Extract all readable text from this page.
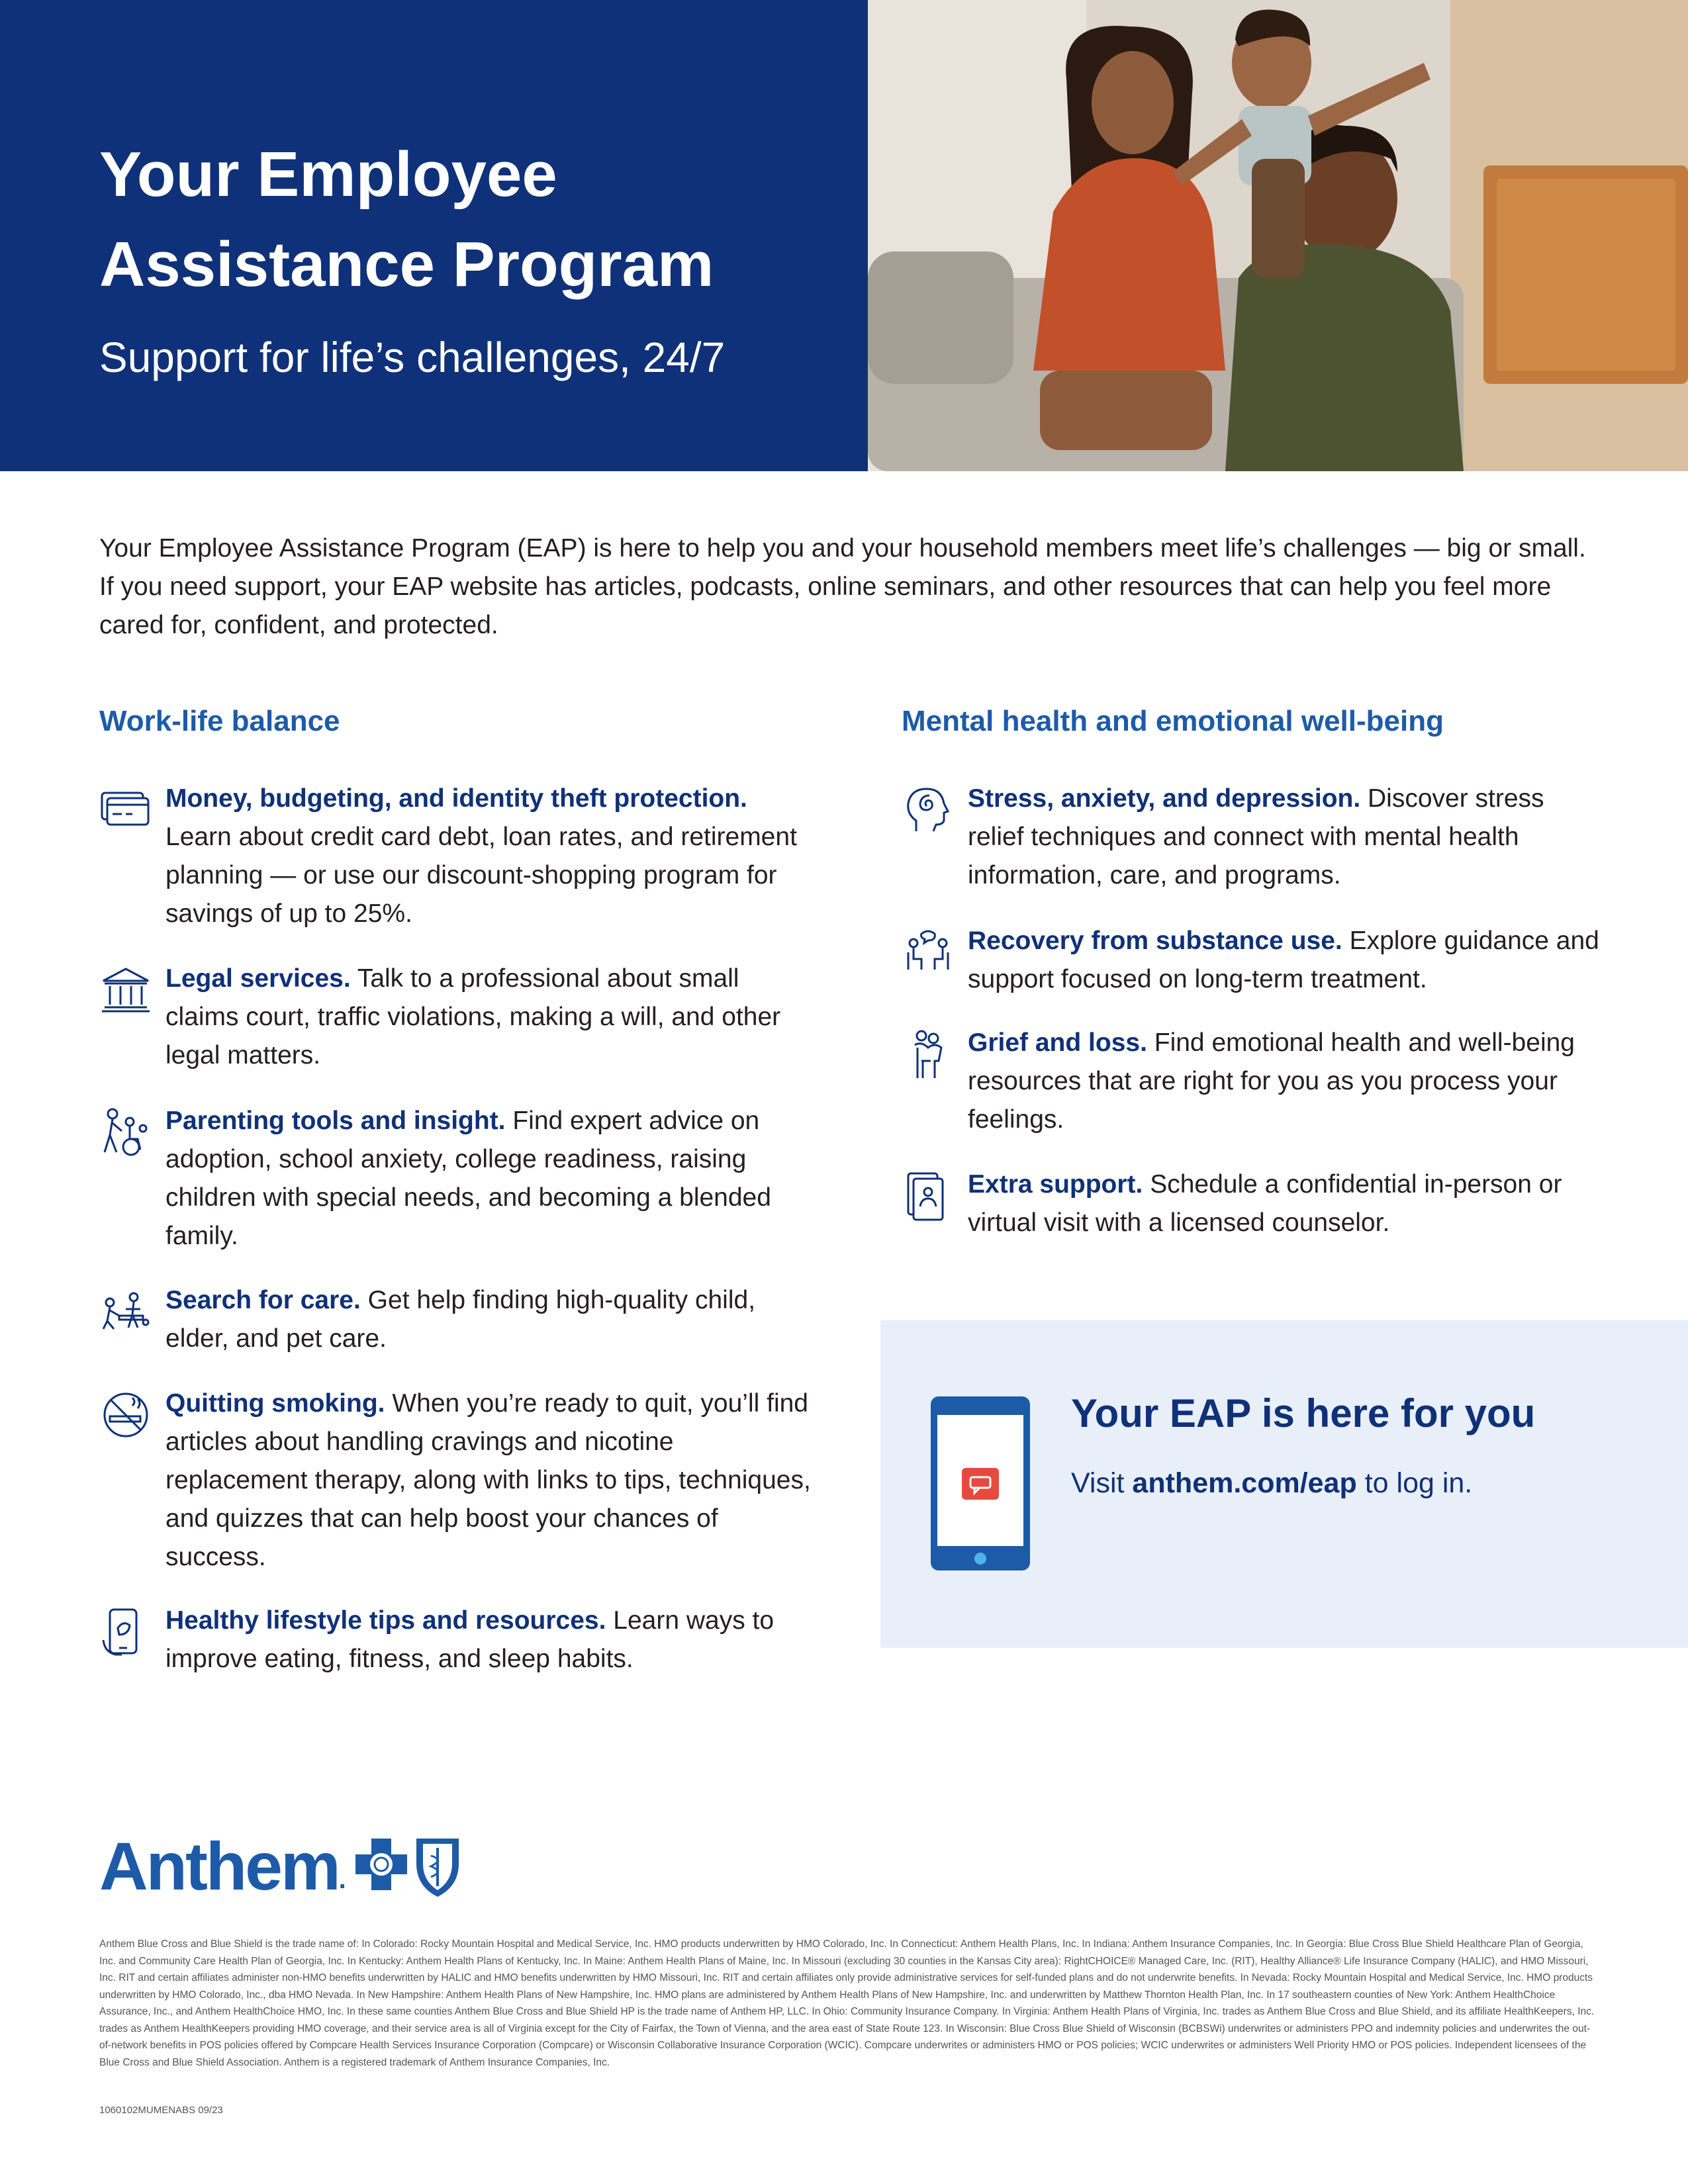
Your Employee
Assistance Program
Support for life’s challenges, 24/7

Your Employee Assistance Program (EAP) is here to help you and your household members meet life’s challenges — big or small. If you need support, your EAP website has articles, podcasts, online seminars, and other resources that can help you feel more cared for, confident, and protected.

Work-life balance
Money, budgeting, and identity theft protection. Learn about credit card debt, loan rates, and retirement planning — or use our discount-shopping program for savings of up to 25%.
Legal services. Talk to a professional about small claims court, traffic violations, making a will, and other legal matters.
Parenting tools and insight. Find expert advice on adoption, school anxiety, college readiness, raising children with special needs, and becoming a blended family.
Search for care. Get help finding high-quality child, elder, and pet care.
Quitting smoking. When you’re ready to quit, you’ll find articles about handling cravings and nicotine replacement therapy, along with links to tips, techniques, and quizzes that can help boost your chances of success.
Healthy lifestyle tips and resources. Learn ways to improve eating, fitness, and sleep habits.
Mental health and emotional well-being
Stress, anxiety, and depression. Discover stress relief techniques and connect with mental health information, care, and programs.
Recovery from substance use. Explore guidance and support focused on long-term treatment.
Grief and loss. Find emotional health and well-being resources that are right for you as you process your feelings.
Extra support. Schedule a confidential in-person or virtual visit with a licensed counselor.
Your EAP is here for you
Visit anthem.com/eap to log in.
Anthem .
Anthem Blue Cross and Blue Shield is the trade name of: In Colorado: Rocky Mountain Hospital and Medical Service, Inc. HMO products underwritten by HMO Colorado, Inc. In Connecticut: Anthem Health Plans, Inc. In Indiana: Anthem Insurance Companies, Inc. In Georgia: Blue Cross Blue Shield Healthcare Plan of Georgia, Inc. and Community Care Health Plan of Georgia, Inc. In Kentucky: Anthem Health Plans of Kentucky, Inc. In Maine: Anthem Health Plans of Maine, Inc. In Missouri (excluding 30 counties in the Kansas City area): RightCHOICE® Managed Care, Inc. (RIT), Healthy Alliance® Life Insurance Company (HALIC), and HMO Missouri, Inc. RIT and certain affiliates administer non-HMO benefits underwritten by HALIC and HMO benefits underwritten by HMO Missouri, Inc. RIT and certain affiliates only provide administrative services for self-funded plans and do not underwrite benefits. In Nevada: Rocky Mountain Hospital and Medical Service, Inc. HMO products underwritten by HMO Colorado, Inc., dba HMO Nevada. In New Hampshire: Anthem Health Plans of New Hampshire, Inc. HMO plans are administered by Anthem Health Plans of New Hampshire, Inc. and underwritten by Matthew Thornton Health Plan, Inc. In 17 southeastern counties of New York: Anthem HealthChoice Assurance, Inc., and Anthem HealthChoice HMO, Inc. In these same counties Anthem Blue Cross and Blue Shield HP is the trade name of Anthem HP, LLC. In Ohio: Community Insurance Company. In Virginia: Anthem Health Plans of Virginia, Inc. trades as Anthem Blue Cross and Blue Shield, and its affiliate HealthKeepers, Inc. trades as Anthem HealthKeepers providing HMO coverage, and their service area is all of Virginia except for the City of Fairfax, the Town of Vienna, and the area east of State Route 123. In Wisconsin: Blue Cross Blue Shield of Wisconsin (BCBSWi) underwrites or administers PPO and indemnity policies and underwrites the out-of-network benefits in POS policies offered by Compcare Health Services Insurance Corporation (Compcare) or Wisconsin Collaborative Insurance Corporation (WCIC). Compcare underwrites or administers HMO or POS policies; WCIC underwrites or administers Well Priority HMO or POS policies. Independent licensees of the Blue Cross and Blue Shield Association. Anthem is a registered trademark of Anthem Insurance Companies, Inc.
1060102MUMENABS 09/23
